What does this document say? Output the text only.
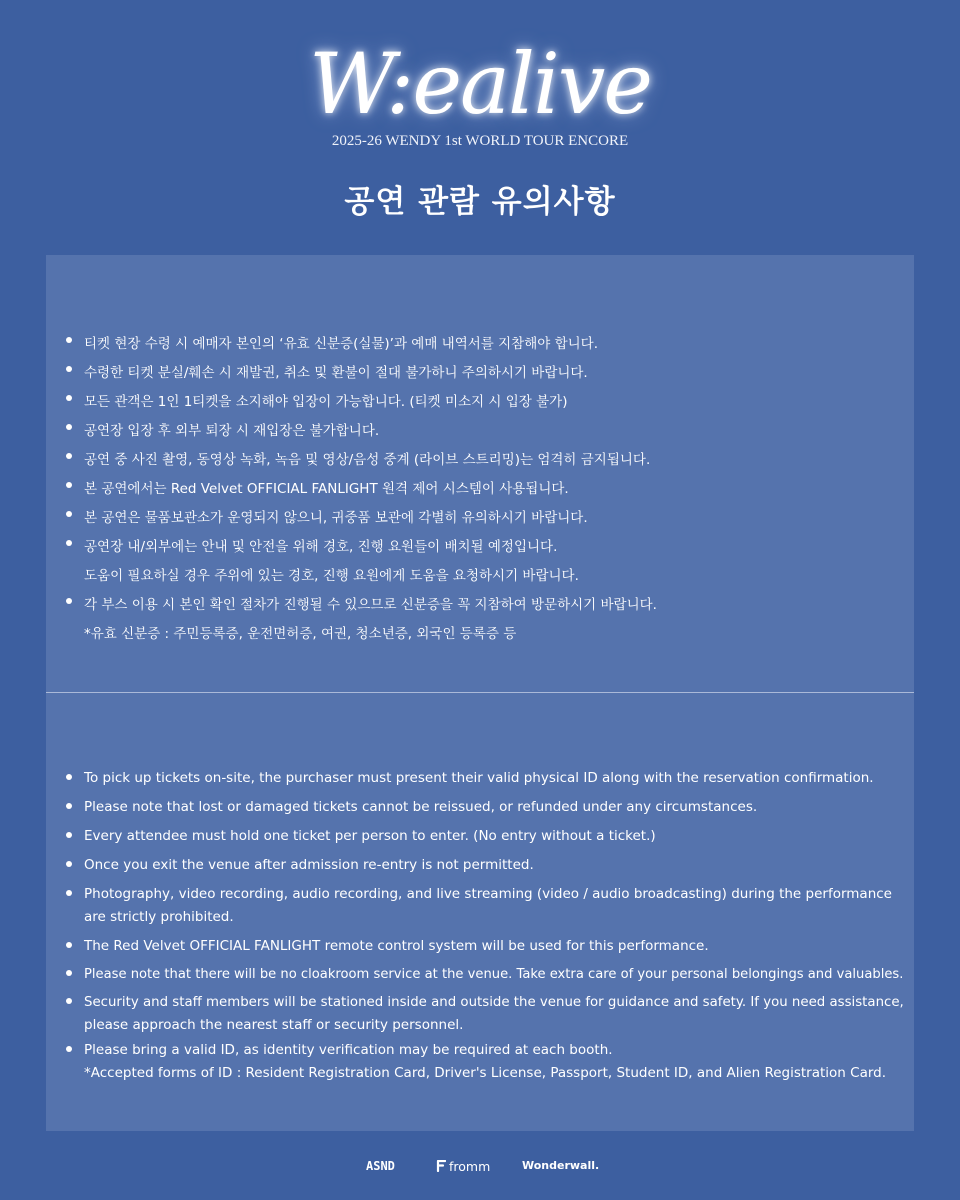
W:ealive
2025-26 WENDY 1st WORLD TOUR ENCORE
공연 관람 유의사항
티켓 현장 수령 시 예매자 본인의 ‘유효 신분증(실물)’과 예매 내역서를 지참해야 합니다.
수령한 티켓 분실/훼손 시 재발권, 취소 및 환불이 절대 불가하니 주의하시기 바랍니다.
모든 관객은 1인 1티켓을 소지해야 입장이 가능합니다. (티켓 미소지 시 입장 불가)
공연장 입장 후 외부 퇴장 시 재입장은 불가합니다.
공연 중 사진 촬영, 동영상 녹화, 녹음 및 영상/음성 중계 (라이브 스트리밍)는 엄격히 금지됩니다.
본 공연에서는 Red Velvet OFFICIAL FANLIGHT 원격 제어 시스템이 사용됩니다.
본 공연은 물품보관소가 운영되지 않으니, 귀중품 보관에 각별히 유의하시기 바랍니다.
공연장 내/외부에는 안내 및 안전을 위해 경호, 진행 요원들이 배치될 예정입니다.
도움이 필요하실 경우 주위에 있는 경호, 진행 요원에게 도움을 요청하시기 바랍니다.
각 부스 이용 시 본인 확인 절차가 진행될 수 있으므로 신분증을 꼭 지참하여 방문하시기 바랍니다.
*유효 신분증 : 주민등록증, 운전면허증, 여권, 청소년증, 외국인 등록증 등
To pick up tickets on-site, the purchaser must present their valid physical ID along with the reservation confirmation.
Please note that lost or damaged tickets cannot be reissued, or refunded under any circumstances.
Every attendee must hold one ticket per person to enter. (No entry without a ticket.)
Once you exit the venue after admission re-entry is not permitted.
Photography, video recording, audio recording, and live streaming (video / audio broadcasting) during the performance
are strictly prohibited.
The Red Velvet OFFICIAL FANLIGHT remote control system will be used for this performance.
Please note that there will be no cloakroom service at the venue. Take extra care of your personal belongings and valuables.
Security and staff members will be stationed inside and outside the venue for guidance and safety. If you need assistance,
please approach the nearest staff or security personnel.
Please bring a valid ID, as identity verification may be required at each booth.
*Accepted forms of ID : Resident Registration Card, Driver's License, Passport, Student ID, and Alien Registration Card.
ASND	fromm	Wonderwall.
